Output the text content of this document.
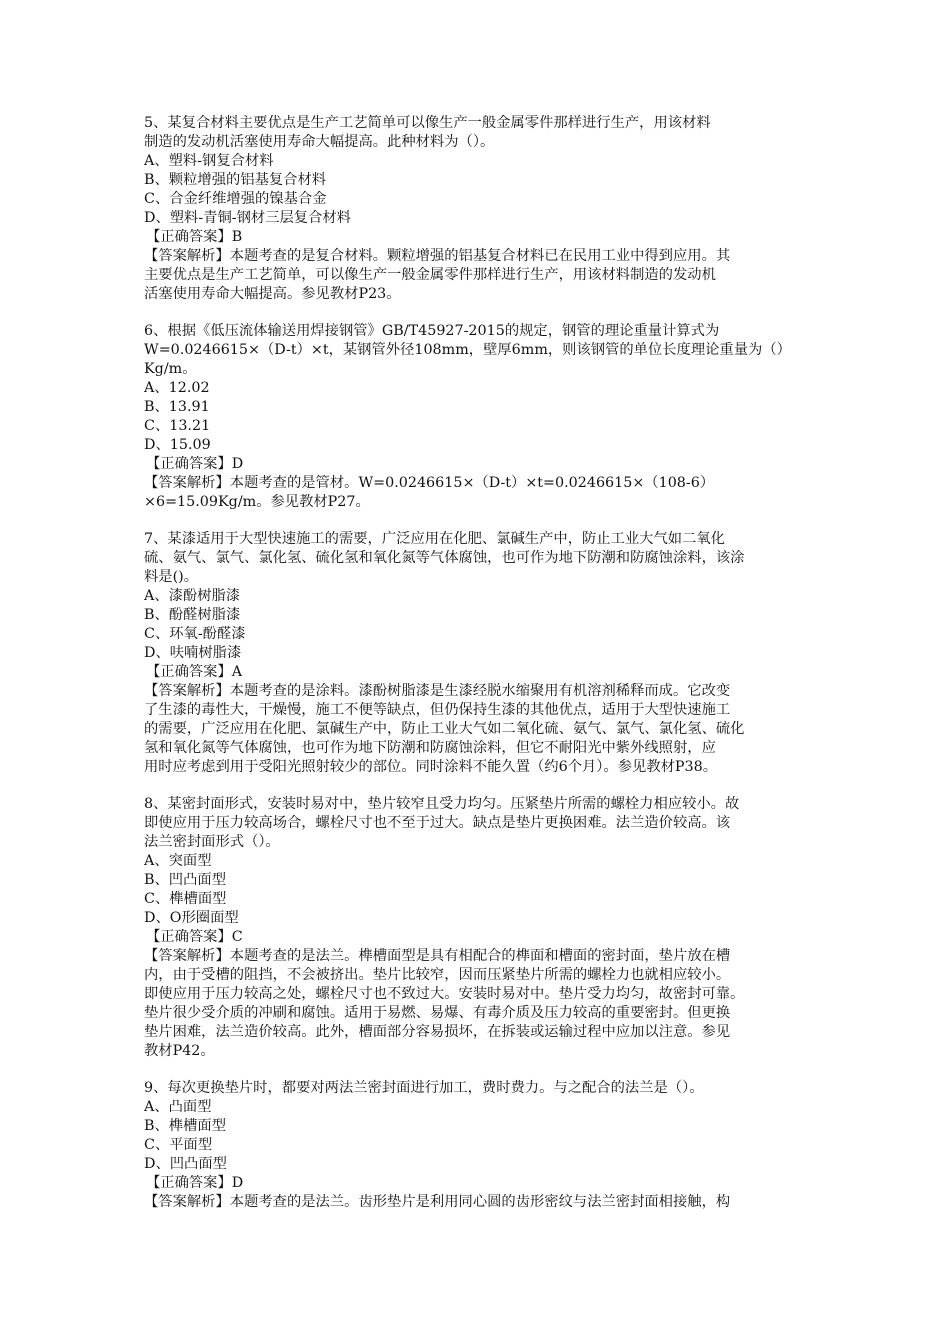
5、某复合材料主要优点是生产工艺简单可以像生产一般金属零件那样进行生产，用该材料
制造的发动机活塞使用寿命大幅提高。此种材料为（）。
A、塑料-钢复合材料
B、颗粒增强的铝基复合材料
C、合金纤维增强的镍基合金
D、塑料-青铜-钢材三层复合材料
【正确答案】B
【答案解析】本题考查的是复合材料。颗粒增强的铝基复合材料已在民用工业中得到应用。其
主要优点是生产工艺简单，可以像生产一般金属零件那样进行生产，用该材料制造的发动机
活塞使用寿命大幅提高。参见教材P23。
6、根据《低压流体输送用焊接钢管》GB/T45927-2015的规定，钢管的理论重量计算式为
W=0.0246615×（D-t）×t，某钢管外径108mm，壁厚6mm，则该钢管的单位长度理论重量为（）
Kg/m。
A、12.02
B、13.91
C、13.21
D、15.09
【正确答案】D
【答案解析】本题考查的是管材。W=0.0246615×（D-t）×t=0.0246615×（108-6）
×6=15.09Kg/m。参见教材P27。
7、某漆适用于大型快速施工的需要，广泛应用在化肥、氯碱生产中，防止工业大气如二氧化
硫、氨气、氯气、氯化氢、硫化氢和氧化氮等气体腐蚀，也可作为地下防潮和防腐蚀涂料，该涂
料是()。
A、漆酚树脂漆
B、酚醛树脂漆
C、环氧-酚醛漆
D、呋喃树脂漆
【正确答案】A
【答案解析】本题考查的是涂料。漆酚树脂漆是生漆经脱水缩聚用有机溶剂稀释而成。它改变
了生漆的毒性大，干燥慢，施工不便等缺点，但仍保持生漆的其他优点，适用于大型快速施工
的需要，广泛应用在化肥、氯碱生产中，防止工业大气如二氧化硫、氨气、氯气、氯化氢、硫化
氢和氧化氮等气体腐蚀，也可作为地下防潮和防腐蚀涂料，但它不耐阳光中紫外线照射，应
用时应考虑到用于受阳光照射较少的部位。同时涂料不能久置（约6个月）。参见教材P38。
8、某密封面形式，安装时易对中，垫片较窄且受力均匀。压紧垫片所需的螺栓力相应较小。故
即使应用于压力较高场合，螺栓尺寸也不至于过大。缺点是垫片更换困难。法兰造价较高。该
法兰密封面形式（）。
A、突面型
B、凹凸面型
C、榫槽面型
D、O形圈面型
【正确答案】C
【答案解析】本题考查的是法兰。榫槽面型是具有相配合的榫面和槽面的密封面，垫片放在槽
内，由于受槽的阻挡，不会被挤出。垫片比较窄，因而压紧垫片所需的螺栓力也就相应较小。
即使应用于压力较高之处，螺栓尺寸也不致过大。安装时易对中。垫片受力均匀，故密封可靠。
垫片很少受介质的冲刷和腐蚀。适用于易燃、易爆、有毒介质及压力较高的重要密封。但更换
垫片困难，法兰造价较高。此外，槽面部分容易损坏，在拆装或运输过程中应加以注意。参见
教材P42。
9、每次更换垫片时，都要对两法兰密封面进行加工，费时费力。与之配合的法兰是（）。
A、凸面型
B、榫槽面型
C、平面型
D、凹凸面型
【正确答案】D
【答案解析】本题考查的是法兰。齿形垫片是利用同心圆的齿形密纹与法兰密封面相接触，构
